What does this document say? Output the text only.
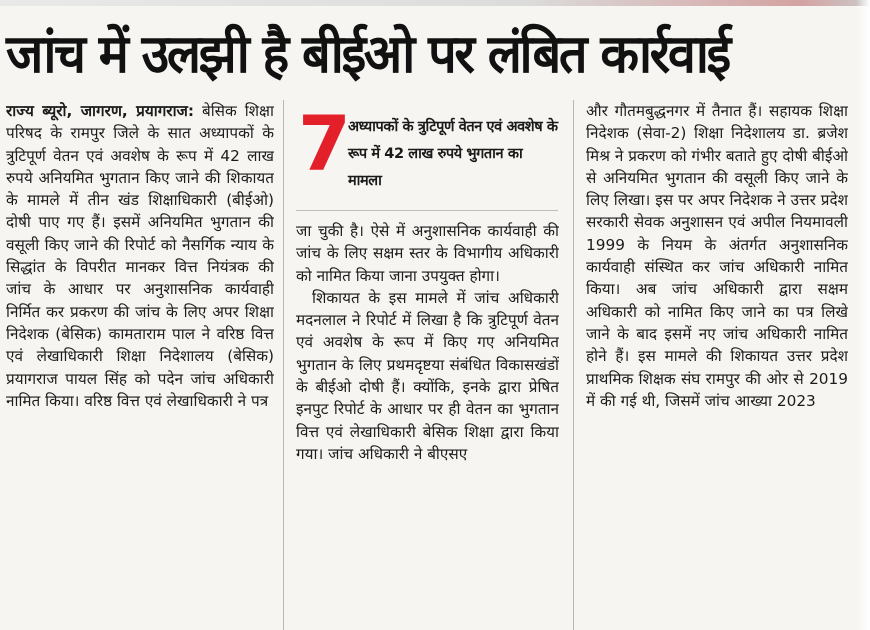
जांच में उलझी है बीईओ पर लंबित कार्रवाई

राज्य ब्यूरो, जागरण, प्रयागराज: बेसिक शिक्षा परिषद के रामपुर जिले के सात अध्यापकों के त्रुटिपूर्ण वेतन एवं अवशेष के रूप में 42 लाख रुपये अनियमित भुगतान किए जाने की शिकायत के मामले में तीन खंड शिक्षाधिकारी (बीईओ) दोषी पाए गए हैं। इसमें अनियमित भुगतान की वसूली किए जाने की रिपोर्ट को नैसर्गिक न्याय के सिद्धांत के विपरीत मानकर वित्त नियंत्रक की जांच के आधार पर अनुशासनिक कार्यवाही निर्मित कर प्रकरण की जांच के लिए अपर शिक्षा निदेशक (बेसिक) कामताराम पाल ने वरिष्ठ वित्त एवं लेखाधिकारी शिक्षा निदेशालय (बेसिक) प्रयागराज पायल सिंह को पदेन जांच अधिकारी नामित किया। वरिष्ठ वित्त एवं लेखाधिकारी ने पत्र

7
अध्यापकों के त्रुटिपूर्ण वेतन एवं अवशेष के रूप में 42 लाख रुपये भुगतान का मामला

जा चुकी है। ऐसे में अनुशासनिक कार्यवाही की जांच के लिए सक्षम स्तर के विभागीय अधिकारी को नामित किया जाना उपयुक्त होगा।

शिकायत के इस मामले में जांच अधिकारी मदनलाल ने रिपोर्ट में लिखा है कि त्रुटिपूर्ण वेतन एवं अवशेष के रूप में किए गए अनियमित भुगतान के लिए प्रथमदृष्टया संबंधित विकासखंडों के बीईओ दोषी हैं। क्योंकि, इनके द्वारा प्रेषित इनपुट रिपोर्ट के आधार पर ही वेतन का भुगतान वित्त एवं लेखाधिकारी बेसिक शिक्षा द्वारा किया गया। जांच अधिकारी ने बीएसए

और गौतमबुद्धनगर में तैनात हैं। सहायक शिक्षा निदेशक (सेवा-2) शिक्षा निदेशालय डा. ब्रजेश मिश्र ने प्रकरण को गंभीर बताते हुए दोषी बीईओ से अनियमित भुगतान की वसूली किए जाने के लिए लिखा। इस पर अपर निदेशक ने उत्तर प्रदेश सरकारी सेवक अनुशासन एवं अपील नियमावली 1999 के नियम के अंतर्गत अनुशासनिक कार्यवाही संस्थित कर जांच अधिकारी नामित किया। अब जांच अधिकारी द्वारा सक्षम अधिकारी को नामित किए जाने का पत्र लिखे जाने के बाद इसमें नए जांच अधिकारी नामित होने हैं। इस मामले की शिकायत उत्तर प्रदेश प्राथमिक शिक्षक संघ रामपुर की ओर से 2019 में की गई थी, जिसमें जांच आख्या 2023
